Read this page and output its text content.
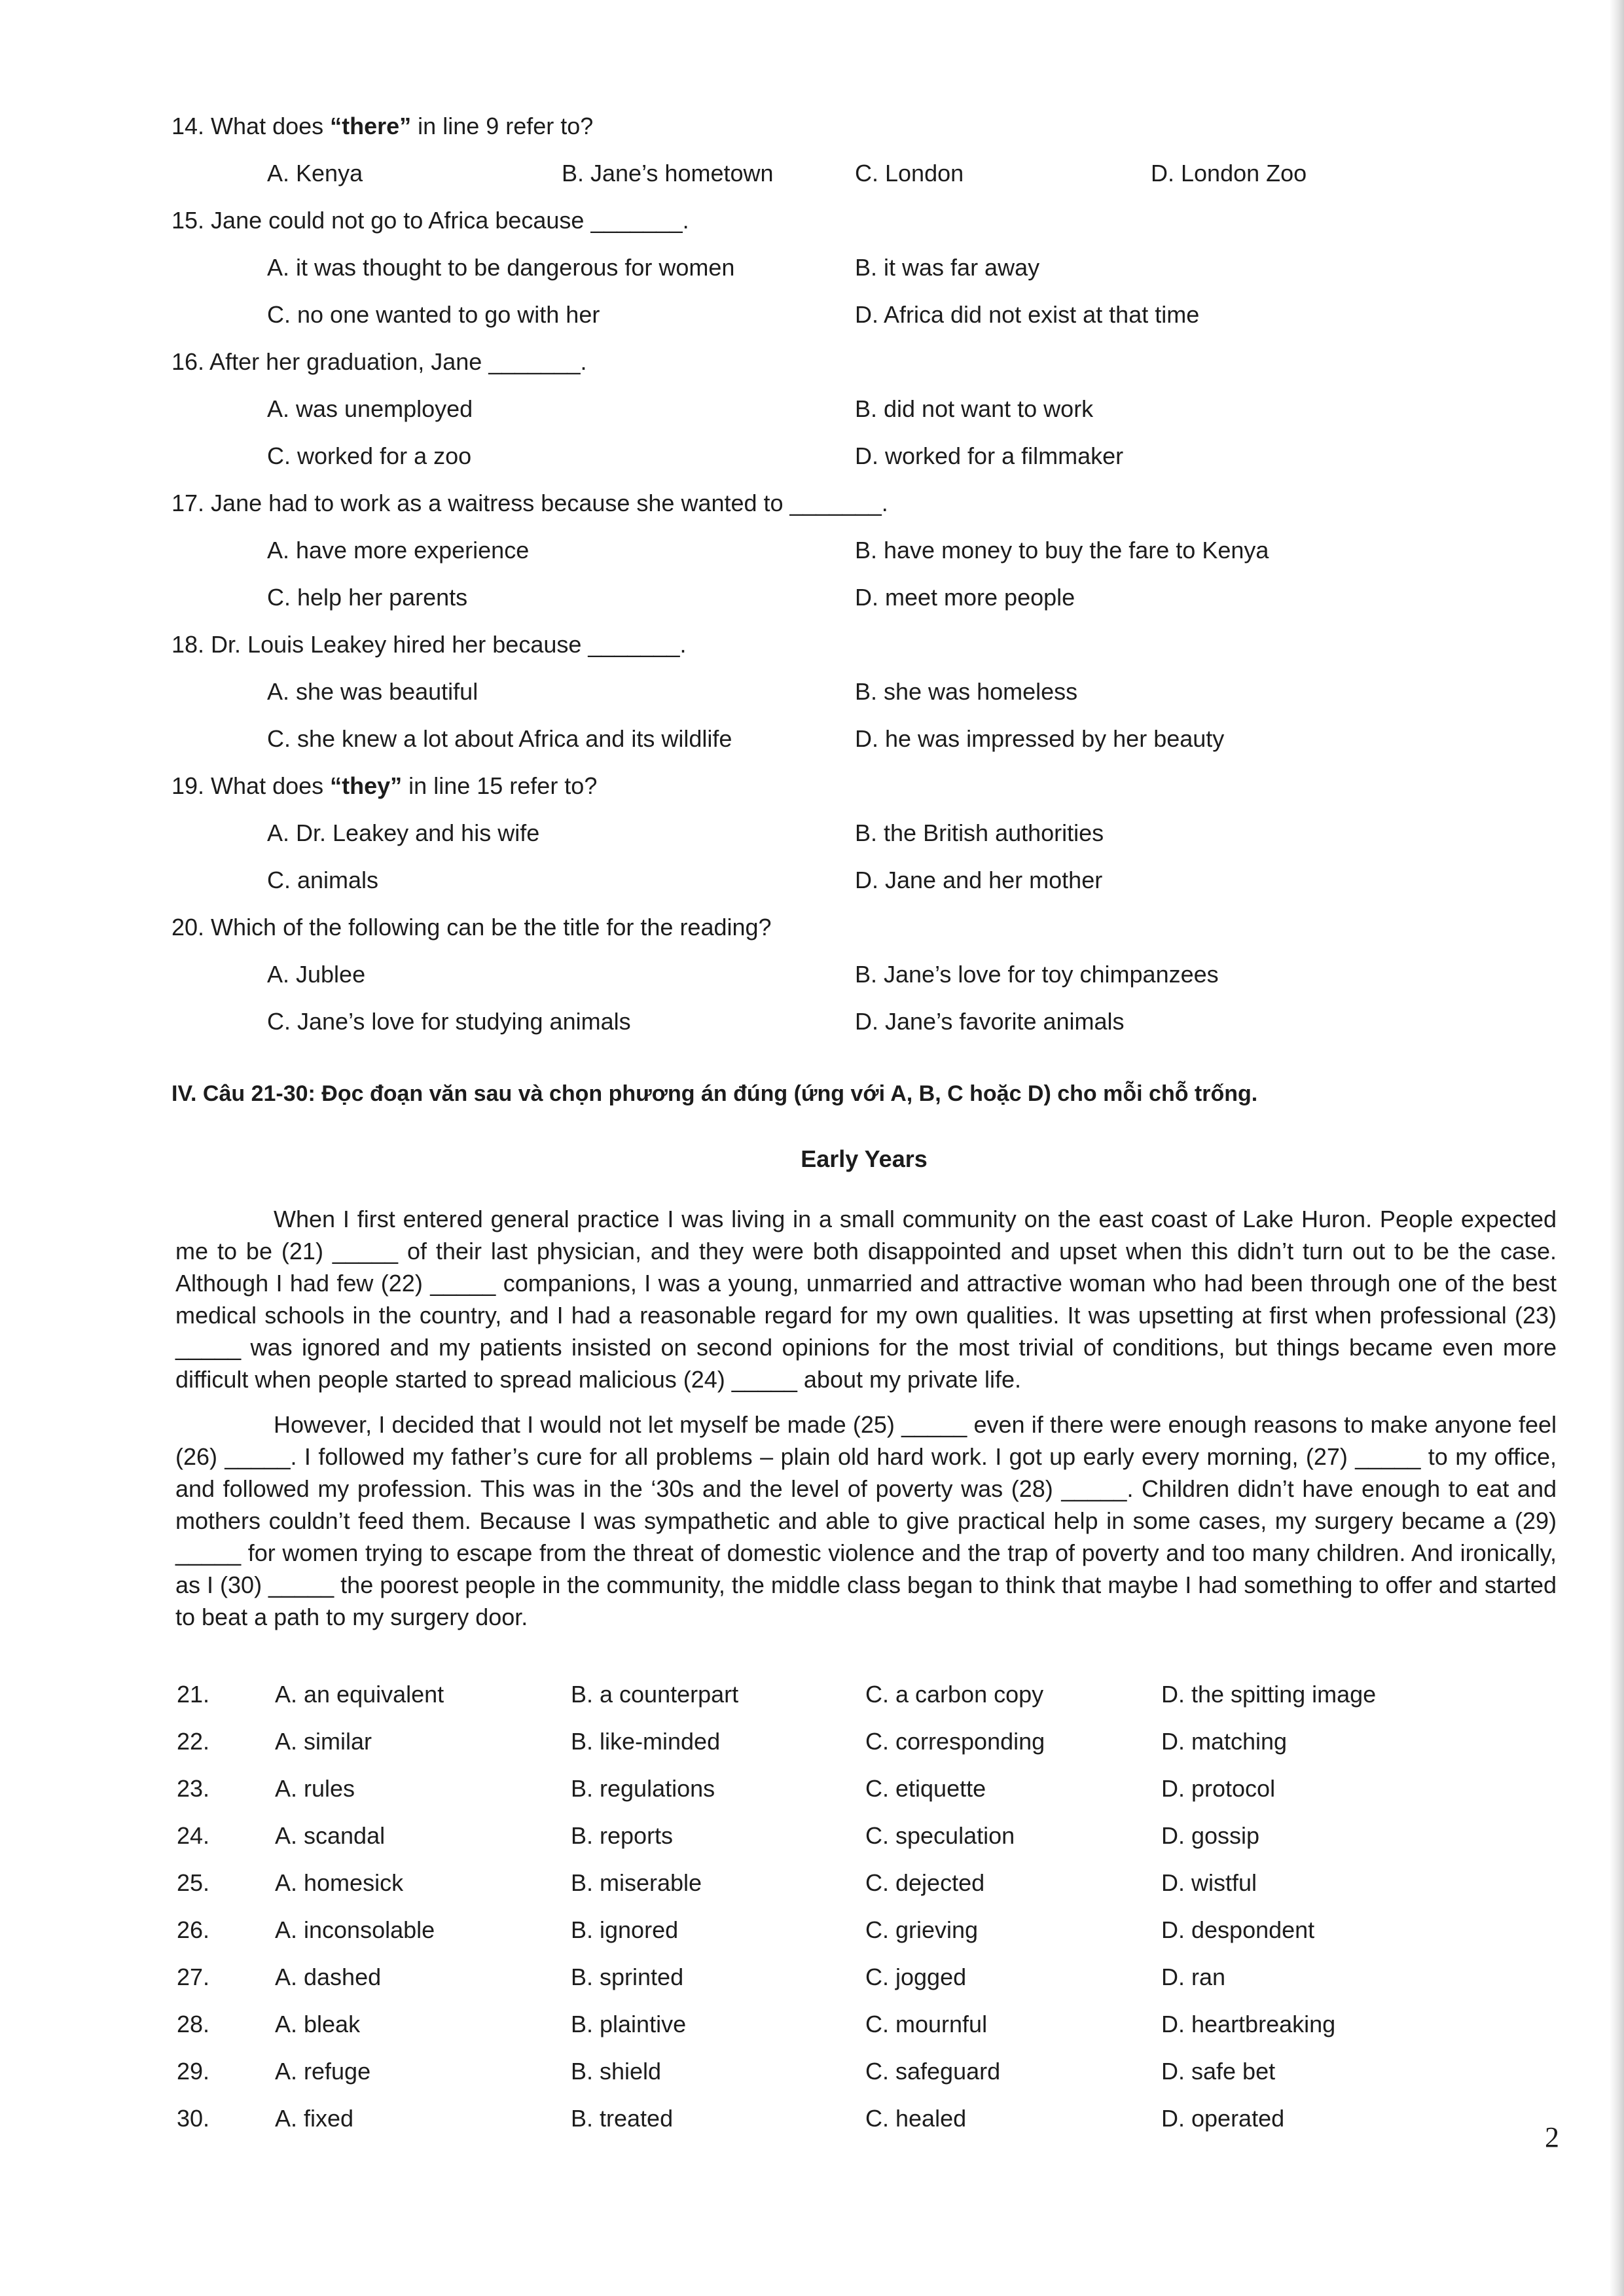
14. What does “there” in line 9 refer to?
A. Kenya	B. Jane’s hometown	C. London	D. London Zoo
15. Jane could not go to Africa because _______.
A. it was thought to be dangerous for women	B. it was far away
C. no one wanted to go with her	D. Africa did not exist at that time
16. After her graduation, Jane _______.
A. was unemployed	B. did not want to work
C. worked for a zoo	D. worked for a filmmaker
17. Jane had to work as a waitress because she wanted to _______.
A. have more experience	B. have money to buy the fare to Kenya
C. help her parents	D. meet more people
18. Dr. Louis Leakey hired her because _______.
A. she was beautiful	B. she was homeless
C. she knew a lot about Africa and its wildlife	D. he was impressed by her beauty
19. What does “they” in line 15 refer to?
A. Dr. Leakey and his wife	B. the British authorities
C. animals	D. Jane and her mother
20. Which of the following can be the title for the reading?
A. Jublee	B. Jane’s love for toy chimpanzees
C. Jane’s love for studying animals	D. Jane’s favorite animals
IV. Câu 21-30: Đọc đoạn văn sau và chọn phương án đúng (ứng với A, B, C hoặc D) cho mỗi chỗ trống.
Early Years
When I first entered general practice I was living in a small community on the east coast of Lake Huron. People expected me to be (21) _____ of their last physician, and they were both disappointed and upset when this didn’t turn out to be the case. Although I had few (22) _____ companions, I was a young, unmarried and attractive woman who had been through one of the best medical schools in the country, and I had a reasonable regard for my own qualities. It was upsetting at first when professional (23) _____ was ignored and my patients insisted on second opinions for the most trivial of conditions, but things became even more difficult when people started to spread malicious (24) _____ about my private life.
However, I decided that I would not let myself be made (25) _____ even if there were enough reasons to make anyone feel (26) _____. I followed my father’s cure for all problems – plain old hard work. I got up early every morning, (27) _____ to my office, and followed my profession. This was in the ‘30s and the level of poverty was (28) _____. Children didn’t have enough to eat and mothers couldn’t feed them. Because I was sympathetic and able to give practical help in some cases, my surgery became a (29) _____ for women trying to escape from the threat of domestic violence and the trap of poverty and too many children. And ironically, as I (30) _____ the poorest people in the community, the middle class began to think that maybe I had something to offer and started to beat a path to my surgery door.
21.	A. an equivalent	B. a counterpart	C. a carbon copy	D. the spitting image
22.	A. similar	B. like-minded	C. corresponding	D. matching
23.	A. rules	B. regulations	C. etiquette	D. protocol
24.	A. scandal	B. reports	C. speculation	D. gossip
25.	A. homesick	B. miserable	C. dejected	D. wistful
26.	A. inconsolable	B. ignored	C. grieving	D. despondent
27.	A. dashed	B. sprinted	C. jogged	D. ran
28.	A. bleak	B. plaintive	C. mournful	D. heartbreaking
29.	A. refuge	B. shield	C. safeguard	D. safe bet
30.	A. fixed	B. treated	C. healed	D. operated
2
